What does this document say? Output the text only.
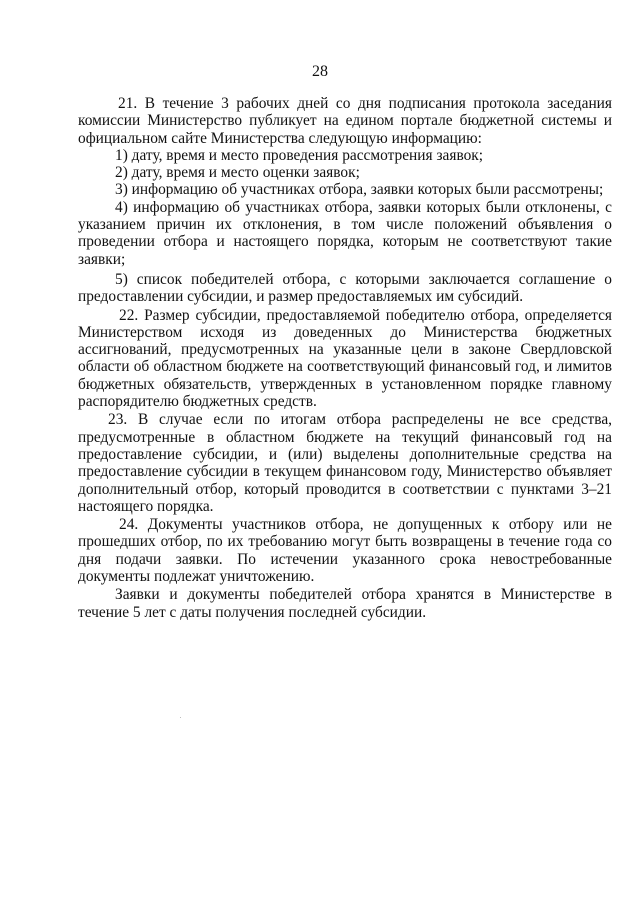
28

21. В течение 3 рабочих дней со дня подписания протокола заседания комиссии Министерство публикует на едином портале бюджетной системы и официальном сайте Министерства следующую информацию:

1) дату, время и место проведения рассмотрения заявок;

2) дату, время и место оценки заявок;

3) информацию об участниках отбора, заявки которых были рассмотрены;

4) информацию об участниках отбора, заявки которых были отклонены, с указанием причин их отклонения, в том числе положений объявления о проведении отбора и настоящего порядка, которым не соответствуют такие заявки;

5) список победителей отбора, с которыми заключается соглашение о предоставлении субсидии, и размер предоставляемых им субсидий.

22. Размер субсидии, предоставляемой победителю отбора, определяется Министерством исходя из доведенных до Министерства бюджетных ассигнований, предусмотренных на указанные цели в законе Свердловской области об областном бюджете на соответствующий финансовый год, и лимитов бюджетных обязательств, утвержденных в установленном порядке главному распорядителю бюджетных средств.

23. В случае если по итогам отбора распределены не все средства, предусмотренные в областном бюджете на текущий финансовый год на предоставление субсидии, и (или) выделены дополнительные средства на предоставление субсидии в текущем финансовом году, Министерство объявляет дополнительный отбор, который проводится в соответствии с пунктами 3–21 настоящего порядка.

24. Документы участников отбора, не допущенных к отбору или не прошедших отбор, по их требованию могут быть возвращены в течение года со дня подачи заявки. По истечении указанного срока невостребованные документы подлежат уничтожению.

Заявки и документы победителей отбора хранятся в Министерстве в течение 5 лет с даты получения последней субсидии.
